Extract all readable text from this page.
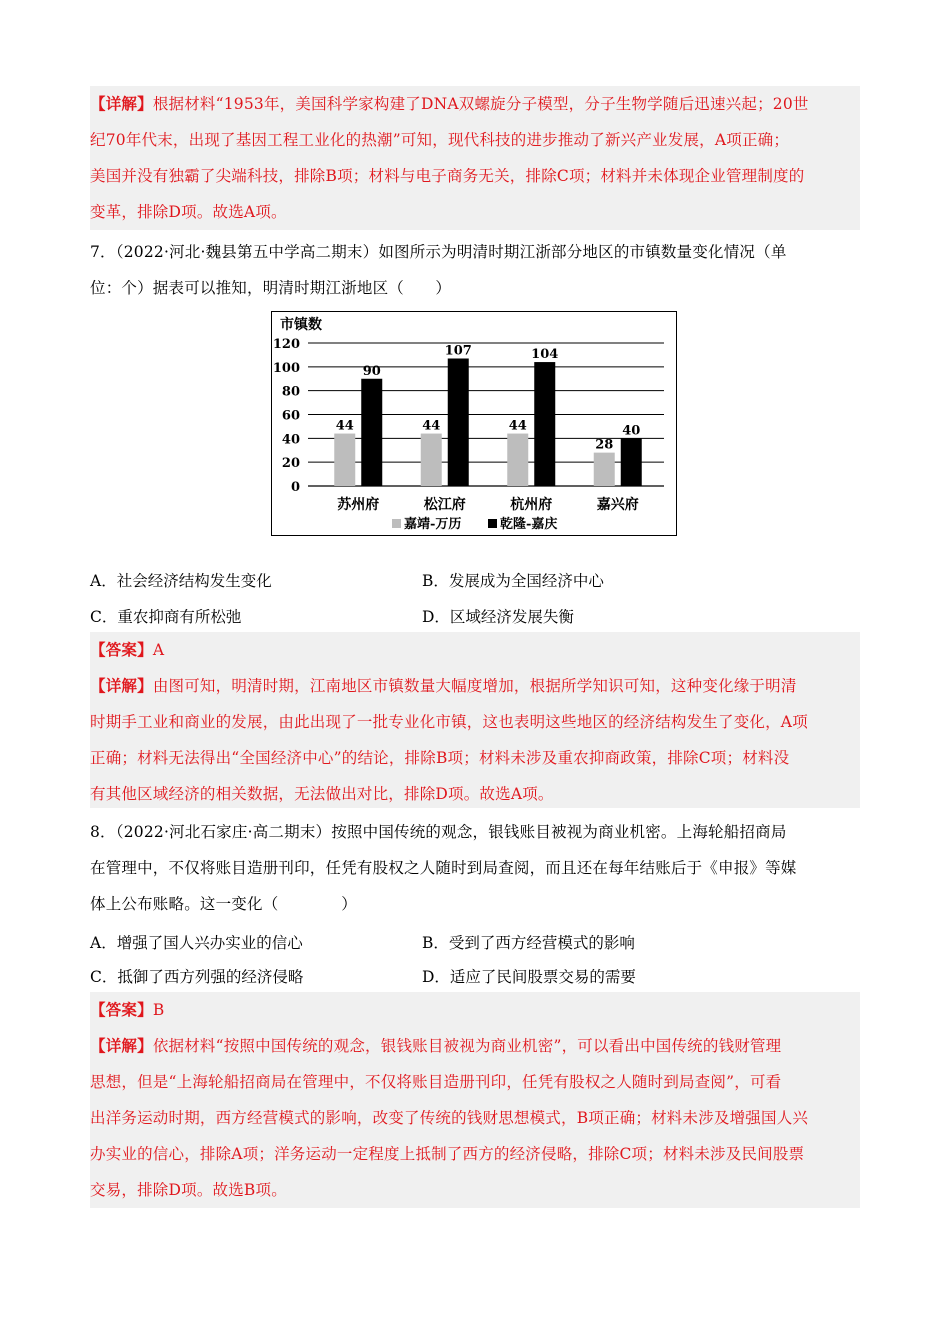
【详解】根据材料“1953年，美国科学家构建了DNA双螺旋分子模型，分子生物学随后迅速兴起；20世
纪70年代末，出现了基因工程工业化的热潮”可知，现代科技的进步推动了新兴产业发展，A项正确；
美国并没有独霸了尖端科技，排除B项；材料与电子商务无关，排除C项；材料并未体现企业管理制度的
变革，排除D项。故选A项。
7．（2022·河北·魏县第五中学高二期末）如图所示为明清时期江浙部分地区的市镇数量变化情况（单
位：个）据表可以推知，明清时期江浙地区（　　）
市镇数
0
20
40
60
80
100
120
44
90
44
107
44
104
28
40
苏州府	松江府	杭州府	嘉兴府
嘉靖-万历	乾隆-嘉庆
A．社会经济结构发生变化	B．发展成为全国经济中心
C．重农抑商有所松弛	D．区域经济发展失衡
【答案】A
【详解】由图可知，明清时期，江南地区市镇数量大幅度增加，根据所学知识可知，这种变化缘于明清
时期手工业和商业的发展，由此出现了一批专业化市镇，这也表明这些地区的经济结构发生了变化，A项
正确；材料无法得出“全国经济中心”的结论，排除B项；材料未涉及重农抑商政策，排除C项；材料没
有其他区域经济的相关数据，无法做出对比，排除D项。故选A项。
8．（2022·河北石家庄·高二期末）按照中国传统的观念，银钱账目被视为商业机密。上海轮船招商局
在管理中，不仅将账目造册刊印，任凭有股权之人随时到局查阅，而且还在每年结账后于《申报》等媒
体上公布账略。这一变化（　　　　）
A．增强了国人兴办实业的信心	B．受到了西方经营模式的影响
C．抵御了西方列强的经济侵略	D．适应了民间股票交易的需要
【答案】B
【详解】依据材料“按照中国传统的观念，银钱账目被视为商业机密”，可以看出中国传统的钱财管理
思想，但是“上海轮船招商局在管理中，不仅将账目造册刊印，任凭有股权之人随时到局查阅”，可看
出洋务运动时期，西方经营模式的影响，改变了传统的钱财思想模式，B项正确；材料未涉及增强国人兴
办实业的信心，排除A项；洋务运动一定程度上抵制了西方的经济侵略，排除C项；材料未涉及民间股票
交易，排除D项。故选B项。
